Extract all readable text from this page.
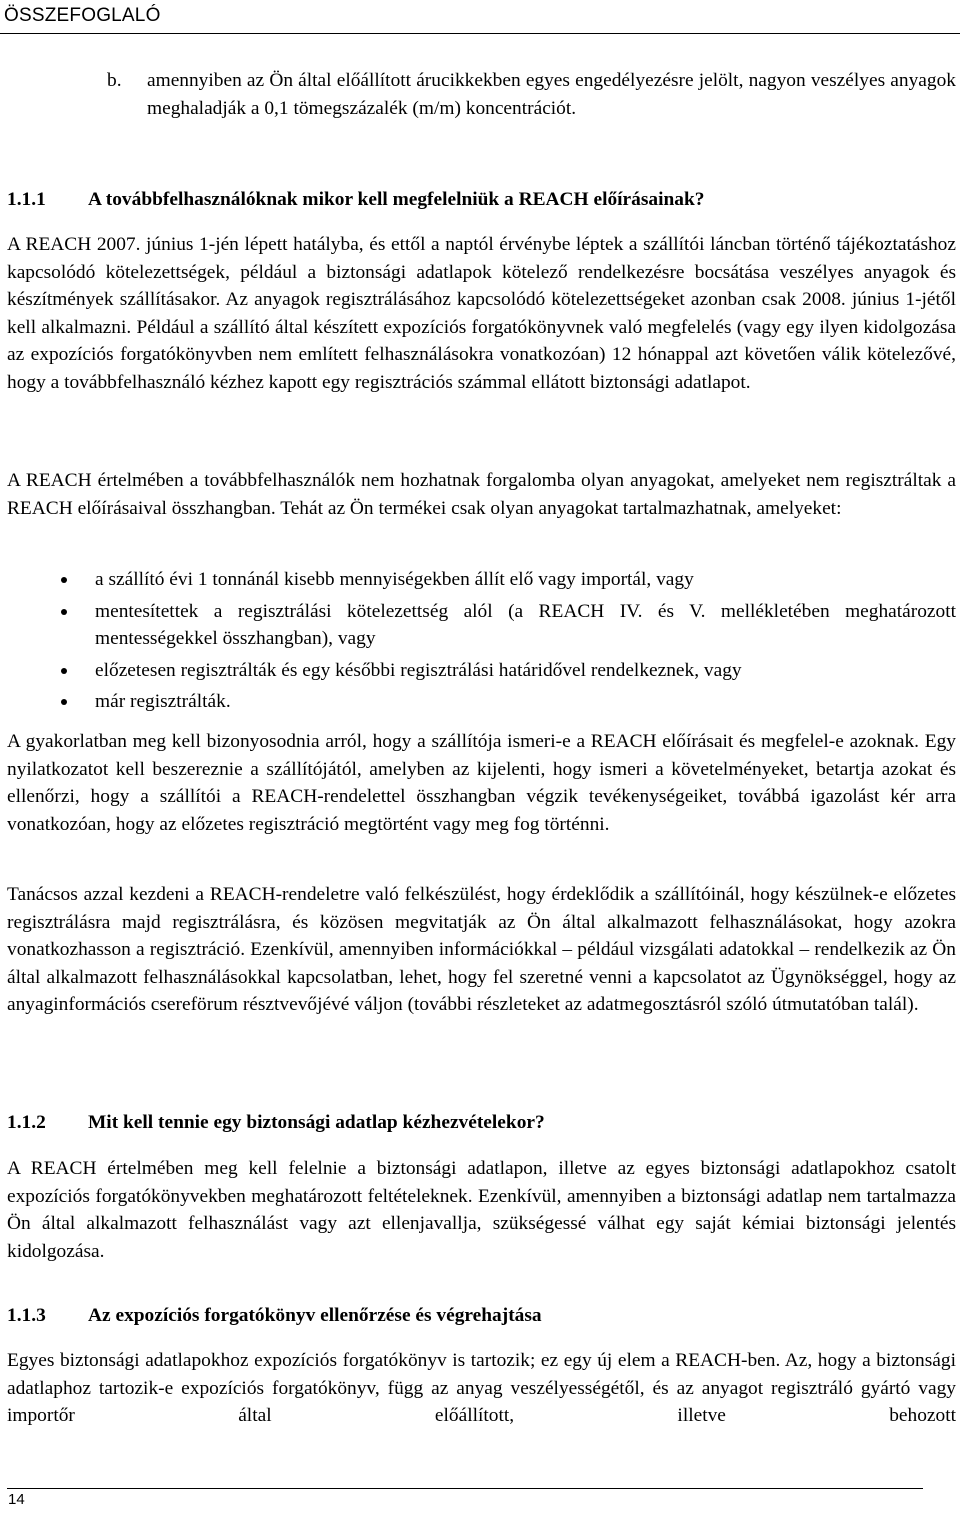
ÖSSZEFOGLALÓ
b.	amennyiben az Ön által előállított árucikkekben egyes engedélyezésre jelölt, nagyon veszélyes anyagok meghaladják a 0,1 tömegszázalék (m/m) koncentrációt.
1.1.1 A továbbfelhasználóknak mikor kell megfelelniük a REACH előírásainak?
A REACH 2007. június 1-jén lépett hatályba, és ettől a naptól érvénybe léptek a szállítói láncban történő tájékoztatáshoz kapcsolódó kötelezettségek, például a biztonsági adatlapok kötelező rendelkezésre bocsátása veszélyes anyagok és készítmények szállításakor. Az anyagok regisztrálásához kapcsolódó kötelezettségeket azonban csak 2008. június 1-jétől kell alkalmazni. Például a szállító által készített expozíciós forgatókönyvnek való megfelelés (vagy egy ilyen kidolgozása az expozíciós forgatókönyvben nem említett felhasználásokra vonatkozóan) 12 hónappal azt követően válik kötelezővé, hogy a továbbfelhasználó kézhez kapott egy regisztrációs számmal ellátott biztonsági adatlapot.
A REACH értelmében a továbbfelhasználók nem hozhatnak forgalomba olyan anyagokat, amelyeket nem regisztráltak a REACH előírásaival összhangban. Tehát az Ön termékei csak olyan anyagokat tartalmazhatnak, amelyeket:
a szállító évi 1 tonnánál kisebb mennyiségekben állít elő vagy importál, vagy
mentesítettek a regisztrálási kötelezettség alól (a REACH IV. és V. mellékletében meghatározott mentességekkel összhangban), vagy
előzetesen regisztrálták és egy későbbi regisztrálási határidővel rendelkeznek, vagy
már regisztrálták.
A gyakorlatban meg kell bizonyosodnia arról, hogy a szállítója ismeri-e a REACH előírásait és megfelel-e azoknak. Egy nyilatkozatot kell beszereznie a szállítójától, amelyben az kijelenti, hogy ismeri a követelményeket, betartja azokat és ellenőrzi, hogy a szállítói a REACH-rendelettel összhangban végzik tevékenységeiket, továbbá igazolást kér arra vonatkozóan, hogy az előzetes regisztráció megtörtént vagy meg fog történni.
Tanácsos azzal kezdeni a REACH-rendeletre való felkészülést, hogy érdeklődik a szállítóinál, hogy készülnek-e előzetes regisztrálásra majd regisztrálásra, és közösen megvitatják az Ön által alkalmazott felhasználásokat, hogy azokra vonatkozhasson a regisztráció. Ezenkívül, amennyiben információkkal – például vizsgálati adatokkal – rendelkezik az Ön által alkalmazott felhasználásokkal kapcsolatban, lehet, hogy fel szeretné venni a kapcsolatot az Ügynökséggel, hogy az anyaginformációs csereförum résztvevőjévé váljon (további részleteket az adatmegosztásról szóló útmutatóban talál).
1.1.2 Mit kell tennie egy biztonsági adatlap kézhezvételekor?
A REACH értelmében meg kell felelnie a biztonsági adatlapon, illetve az egyes biztonsági adatlapokhoz csatolt expozíciós forgatókönyvekben meghatározott feltételeknek. Ezenkívül, amennyiben a biztonsági adatlap nem tartalmazza Ön által alkalmazott felhasználást vagy azt ellenjavallja, szükségessé válhat egy saját kémiai biztonsági jelentés kidolgozása.
1.1.3 Az expozíciós forgatókönyv ellenőrzése és végrehajtása
Egyes biztonsági adatlapokhoz expozíciós forgatókönyv is tartozik; ez egy új elem a REACH-ben. Az, hogy a biztonsági adatlaphoz tartozik-e expozíciós forgatókönyv, függ az anyag veszélyességétől, és az anyagot regisztráló gyártó vagy importőr által előállított, illetve behozott
14
